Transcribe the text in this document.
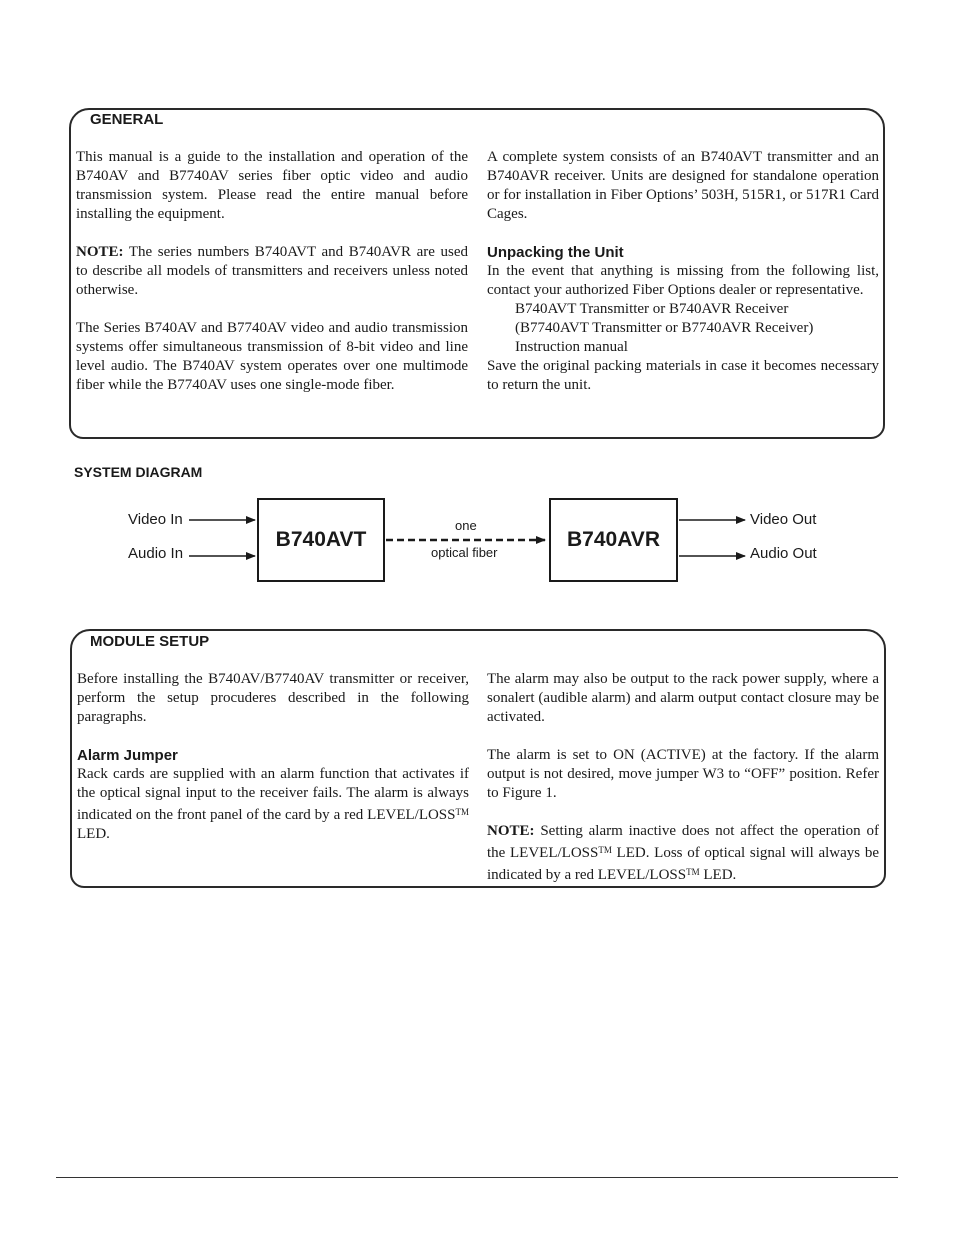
GENERAL

This manual is a guide to the installation and operation of the B740AV and B7740AV series fiber optic video and audio transmission system. Please read the entire manual before installing the equipment.

NOTE: The series numbers B740AVT and B740AVR are used to describe all models of transmitters and receivers unless noted otherwise.

The Series B740AV and B7740AV video and audio transmission systems offer simultaneous transmission of 8-bit video and line level audio. The B740AV system operates over one multimode fiber while the B7740AV uses one single-mode fiber.

A complete system consists of an B740AVT transmitter and an B740AVR receiver. Units are designed for standalone operation or for installation in Fiber Options’ 503H, 515R1, or 517R1 Card Cages.

Unpacking the Unit

In the event that anything is missing from the following list, contact your authorized Fiber Options dealer or representative.

B740AVT Transmitter or B740AVR Receiver

(B7740AVT Transmitter or B7740AVR Receiver)

Instruction manual

Save the original packing materials in case it becomes necessary to return the unit.

SYSTEM DIAGRAM
Video In
Audio In
B740AVT
one
optical fiber
B740AVR
Video Out
Audio Out
MODULE SETUP

Before installing the B740AV/B7740AV transmitter or receiver, perform the setup procuderes described in the following paragraphs.

Alarm Jumper

Rack cards are supplied with an alarm function that activates if the optical signal input to the receiver fails. The alarm is always indicated on the front panel of the card by a red LEVEL/LOSS™ LED.

The alarm may also be output to the rack power supply, where a sonalert (audible alarm) and alarm output contact closure may be activated.

The alarm is set to ON (ACTIVE) at the factory. If the alarm output is not desired, move jumper W3 to “OFF” position. Refer to Figure 1.

NOTE: Setting alarm inactive does not affect the operation of the LEVEL/LOSS™ LED. Loss of optical signal will always be indicated by a red LEVEL/LOSS™ LED.
